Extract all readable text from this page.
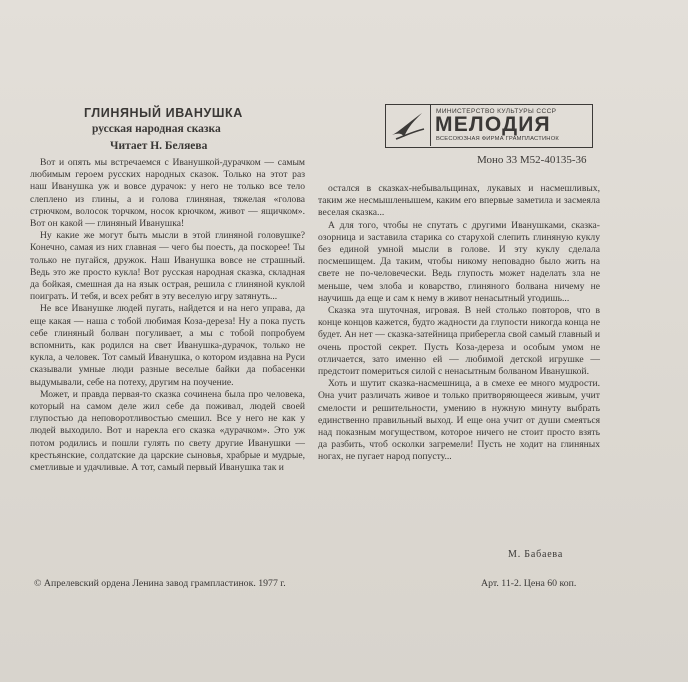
ГЛИНЯНЫЙ ИВАНУШКА
русская народная сказка
Читает Н. Беляева
МИНИСТЕРСТВО КУЛЬТУРЫ СССР
МЕЛОДИЯ
ВСЕСОЮЗНАЯ ФИРМА ГРАМПЛАСТИНОК
Моно 33 М52-40135-36

Вот и опять мы встречаемся с Иванушкой-дурачком — самым любимым героем русских народных сказок. Только на этот раз наш Иванушка уж и вовсе дурачок: у него не только все тело слеплено из глины, а и голова глиняная, тяжелая «голова стрючком, волосок торчком, носок крючком, живот — ящичком». Вот он какой — глиняный Иванушка!

Ну какие же могут быть мысли в этой глиняной головушке? Конечно, самая из них главная — чего бы поесть, да поскорее! Ты только не пугайся, дружок. Наш Иванушка вовсе не страшный. Ведь это же просто кукла! Вот русская народная сказка, складная да бойкая, смешная да на язык острая, решила с глиняной куклой поиграть. И тебя, и всех ребят в эту веселую игру затянуть...

Не все Иванушке людей пугать, найдется и на него управа, да еще какая — наша с тобой любимая Коза-дереза! Ну а пока пусть себе глиняный болван погуливает, а мы с тобой попробуем вспомнить, как родился на свет Иванушка-дурачок, только не кукла, а человек. Тот самый Иванушка, о котором издавна на Руси сказывали умные люди разные веселые байки да побасенки выдумывали, себе на потеху, другим на поучение.

Может, и правда первая-то сказка сочинена была про человека, который на самом деле жил себе да поживал, людей своей глупостью да неповоротливостью смешил. Все у него не как у людей выходило. Вот и нарекла его сказка «дурачком». Это уж потом родились и пошли гулять по свету другие Иванушки — крестьянские, солдатские да царские сыновья, храбрые и мудрые, сметливые и удачливые. А тот, самый первый Иванушка так и

остался в сказках-небывальщинах, лукавых и насмешливых, таким же несмышленышем, каким его впервые заметила и засмеяла веселая сказка...

А для того, чтобы не спутать с другими Иванушками, сказка-озорница и заставила старика со старухой слепить глиняную куклу без единой умной мысли в голове. И эту куклу сделала посмешищем. Да таким, чтобы никому неповадно было жить на свете не по-человечески. Ведь глупость может наделать зла не меньше, чем злоба и коварство, глиняного болвана ничему не научишь да еще и сам к нему в живот ненасытный угодишь...

Сказка эта шуточная, игровая. В ней столько повторов, что в конце концов кажется, будто жадности да глупости никогда конца не будет. Ан нет — сказка-затейница приберегла свой самый главный и очень простой секрет. Пусть Коза-дереза и особым умом не отличается, зато именно ей — любимой детской игрушке — предстоит помериться силой с ненасытным болваном Иванушкой.

Хоть и шутит сказка-насмешница, а в смехе ее много мудрости. Она учит различать живое и только притворяющееся живым, учит смелости и решительности, умению в нужную минуту выбрать единственно правильный выход. И еще она учит от души смеяться над показным могуществом, которое ничего не стоит просто взять да разбить, чтоб осколки загремели! Пусть не ходит на глиняных ногах, не пугает народ попусту...

М. Бабаева
© Апрелевский ордена Ленина завод грампластинок. 1977 г.	Арт. 11-2. Цена 60 коп.
